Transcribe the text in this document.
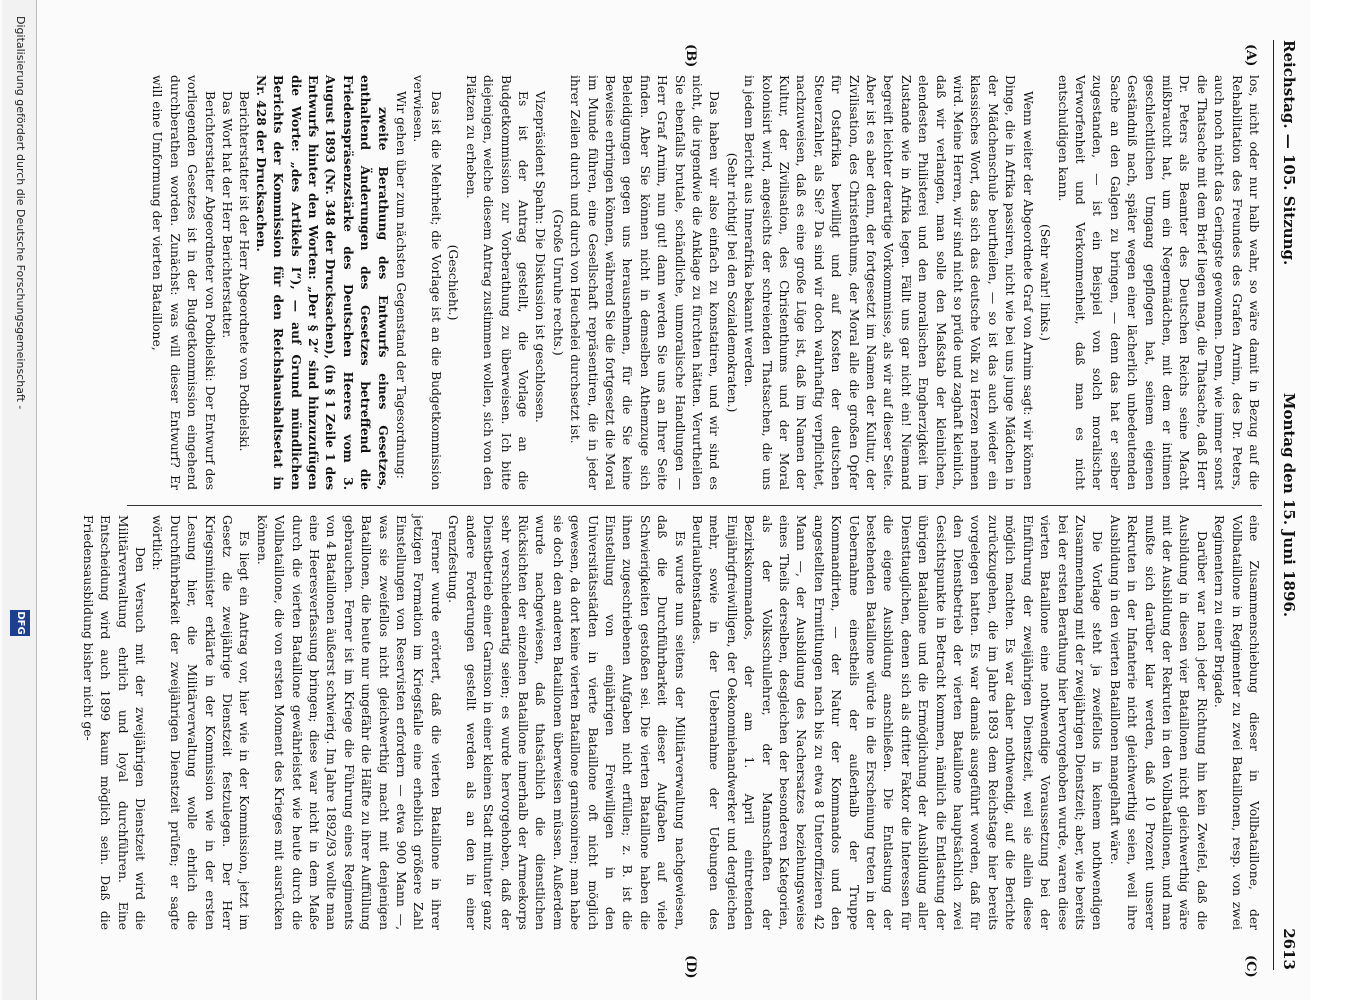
Reichstag. — 105. Sitzung.
Montag den 15. Juni 1896.
2613
(A)
(B)
(C)
(D)

los, nicht oder nur halb wahr, so wäre damit in Bezug auf die Rehabilitation des Freundes des Grafen Arnim, des Dr. Peters, auch noch nicht das Geringste gewonnen. Denn, wie immer sonst die Thatsache mit dem Brief liegen mag, die Thatsache, daß Herr Dr. Peters als Beamter des Deutschen Reichs seine Macht mißbraucht hat, um ein Negermädchen, mit dem er intimen geschlechtlichen Umgang gepflogen hat, seinem eigenen Geständniß nach, später wegen einer lächerlich unbedeutenden Sache an den Galgen zu bringen, — denn das hat er selber zugestanden, — ist ein Beispiel von solch moralischer Verworfenheit und Verkommenheit, daß man es nicht entschuldigen kann.

(Sehr wahr! links.)

Wenn weiter der Abgeordnete Graf von Arnim sagt: wir können Dinge, die in Afrika passiren, nicht wie bei uns junge Mädchen in der Mädchenschule beurtheilen, — so ist das auch wieder ein klassisches Wort, das sich das deutsche Volk zu Herzen nehmen wird. Meine Herren, wir sind nicht so prüde und zaghaft kleinlich, daß wir verlangen, man solle den Maßstab der kleinlichen, elendesten Philisterei und den moralischen Engherzigkeit im Zustande wie in Afrika legen. Fällt uns gar nicht ein! Niemand begreift leichter derartige Vorkommnisse, als wir auf dieser Seite. Aber ist es aber denn, der fortgesetzt im Namen der Kultur, der Zivilisation, des Christenthums, der Moral alle die großen Opfer für Ostafrika bewilligt und auf Kosten der deutschen Steuerzahler, als Sie? Da sind wir doch wahrhaftig verpflichtet, nachzuweisen, daß es eine große Lüge ist, daß im Namen der Kultur, der Zivilisation, des Christenthums und der Moral kolonisirt wird, angesichts der schreienden Thatsachen, die uns in jedem Bericht aus Innerafrika bekannt werden.

(Sehr richtig! bei den Sozialdemokraten.)

Das haben wir also einfach zu konstatiren, und wir sind es nicht, die irgendwie die Anklage zu fürchten hätten. Verurtheilen Sie ebenfalls brutale, schändliche, unmoralische Handlungen — Herr Graf Arnim, nun gut! dann werden Sie uns an Ihrer Seite finden. Aber Sie können nicht in demselben Athemzuge sich Beleidigungen gegen uns herausnehmen, für die Sie keine Beweise erbringen können, während Sie die fortgesetzt die Moral im Munde führen, eine Gesellschaft repräsentiren, die in jeder ihrer Zeilen durch und durch von Heuchelei durchsetzt ist.

(Große Unruhe rechts.)

Vizepräsident Spahn: Die Diskussion ist geschlossen.

Es ist der Antrag gestellt, die Vorlage an die Budgetkommission zur Vorberathung zu überweisen. Ich bitte diejenigen, welche diesem Antrag zustimmen wollen, sich von den Plätzen zu erheben.

(Geschieht.)

Das ist die Mehrheit; die Vorlage ist an die Budgetkommission verwiesen.

Wir gehen über zum nächsten Gegenstand der Tagesordnung:

zweite Berathung des Entwurfs eines Gesetzes, enthaltend Änderungen des Gesetzes betreffend die Friedenspräsenzstärke des Deutschen Heeres vom 3. August 1893 (Nr. 348 der Drucksachen), (in § 1 Zeile 1 des Entwurfs hinter den Worten: „Der § 2“ sind hinzuzufügen die Worte: „des Artikels I“), — auf Grund mündlichen Berichts der Kommission für den Reichshaushaltsetat in Nr. 428 der Drucksachen.

Berichterstatter ist der Herr Abgeordnete von Podbielski.

Das Wort hat der Herr Berichterstatter.

Berichterstatter Abgeordneter von Podbielski: Der Entwurf des vorliegenden Gesetzes ist in der Budgetkommission eingehend durchberathen worden. Zunächst: was will dieser Entwurf? Er will eine Umformung der vierten Bataillone,

eine Zusammenschiebung dieser in Vollbataillone, der Vollbataillone in Regimenter zu zwei Bataillonen, resp. von zwei Regimentern zu einer Brigade.

Darüber war nach jeder Richtung hin kein Zweifel, daß die Ausbildung in diesen vier Bataillonen nicht gleichwerthig wäre mit der Ausbildung der Rekruten in den Vollbataillonen, und man mußte sich darüber klar werden, daß 10 Prozent unserer Rekruten in der Infanterie nicht gleichwerthig seien, weil ihre Ausbildung in den vierten Bataillonen mangelhaft wäre.

Die Vorlage steht ja zweifellos in keinem nothwendigen Zusammenhang mit der zweijährigen Dienstzeit; aber, wie bereits bei der ersten Berathung hier hervorgehoben wurde, waren diese vierten Bataillone eine nothwendige Voraussetzung bei der Einführung der zweijährigen Dienstzeit, weil sie allein diese möglich machten. Es war daher nothwendig, auf die Berichte zurückzugehen, die im Jahre 1893 dem Reichstage hier bereits vorgelegen hatten. Es war damals ausgeführt worden, daß für den Dienstbetrieb der vierten Bataillone hauptsächlich zwei Gesichtspunkte in Betracht kommen, nämlich die Entlastung der übrigen Bataillone und die Ermöglichung der Ausbildung aller Diensttauglichen, denen sich als dritter Faktor die Interessen für die eigene Ausbildung anschließen. Die Entlastung der bestehenden Bataillone würde in die Erscheinung treten in der Uebernahme einestheils der außerhalb der Truppe Kommandirten, — der Natur der Kommandos und den angestellten Ermittlungen nach bis zu etwa 8 Unteroffizieren 42 Mann —, der Ausbildung des Nachersatzes beziehungsweise eines Theils derselben, desgleichen der besonderen Kategorien, als der Volksschullehrer, der Mannschaften der Bezirkskommandos, der am 1. April eintretenden Einjährigfreiwilligen, der Oekonomiehandwerker und dergleichen mehr, sowie in der Uebernahme der Uebungen des Beurlaubtenstandes.

Es wurde nun seitens der Militärverwaltung nachgewiesen, daß die Durchführbarkeit dieser Aufgaben auf viele Schwierigkeiten gestoßen sei. Die vierten Bataillone haben die ihnen zugeschriebenen Aufgaben nicht erfüllen; z. B. ist die Einstellung von einjährigen Freiwilligen in den Universitätsstädten in vierte Bataillone oft nicht möglich gewesen, da dort keine vierten Bataillone garnisoniren; man habe sie doch den anderen Bataillonen überweisen müssen. Außerdem wurde nachgewiesen, daß thatsächlich die dienstlichen Rücksichten der einzelnen Bataillone innerhalb der Armeekorps sehr verschiedenartig seien; es wurde hervorgehoben, daß der Dienstbetrieb einer Garnison in einer kleinen Stadt mitunter ganz andere Forderungen gestellt werden als an den in einer Grenzfestung.

Ferner wurde erörtert, daß die vierten Bataillone in ihrer jetzigen Formation im Kriegsfalle eine erheblich größere Zahl Einstellungen von Reservisten erfordern — etwa 900 Mann —, was sie zweifellos nicht gleichwerthig macht mit denjenigen Bataillonen, die heute nur ungefähr die Hälfte zu ihrer Auffüllung gebrauchen. Ferner ist im Kriege die Führung eines Regiments von 4 Bataillonen äußerst schwierig. Im Jahre 1892/93 wollte man eine Heeresverfassung bringen; diese war nicht in dem Maße durch die vierten Bataillone gewährleistet wie heute durch die Vollbataillone, die von ersten Moment des Krieges mit ausrücken können.

Es liegt ein Antrag vor, hier wie in der Kommission, jetzt im Gesetz die zweijährige Dienstzeit festzulegen. Der Herr Kriegsminister erklärte in der Kommission wie in der ersten Lesung hier, die Militärverwaltung wolle ehrlich die Durchführbarkeit der zweijährigen Dienstzeit prüfen; er sagte wörtlich:

Den Versuch mit der zweijährigen Dienstzeit wird die Militärverwaltung ehrlich und loyal durchführen. Eine Entscheidung wird auch 1899 kaum möglich sein. Daß die Friedensausbildung bisher nicht ge-

Digitalisierung gefördert durch die Deutsche Forschungsgemeinschaft -
DFG
